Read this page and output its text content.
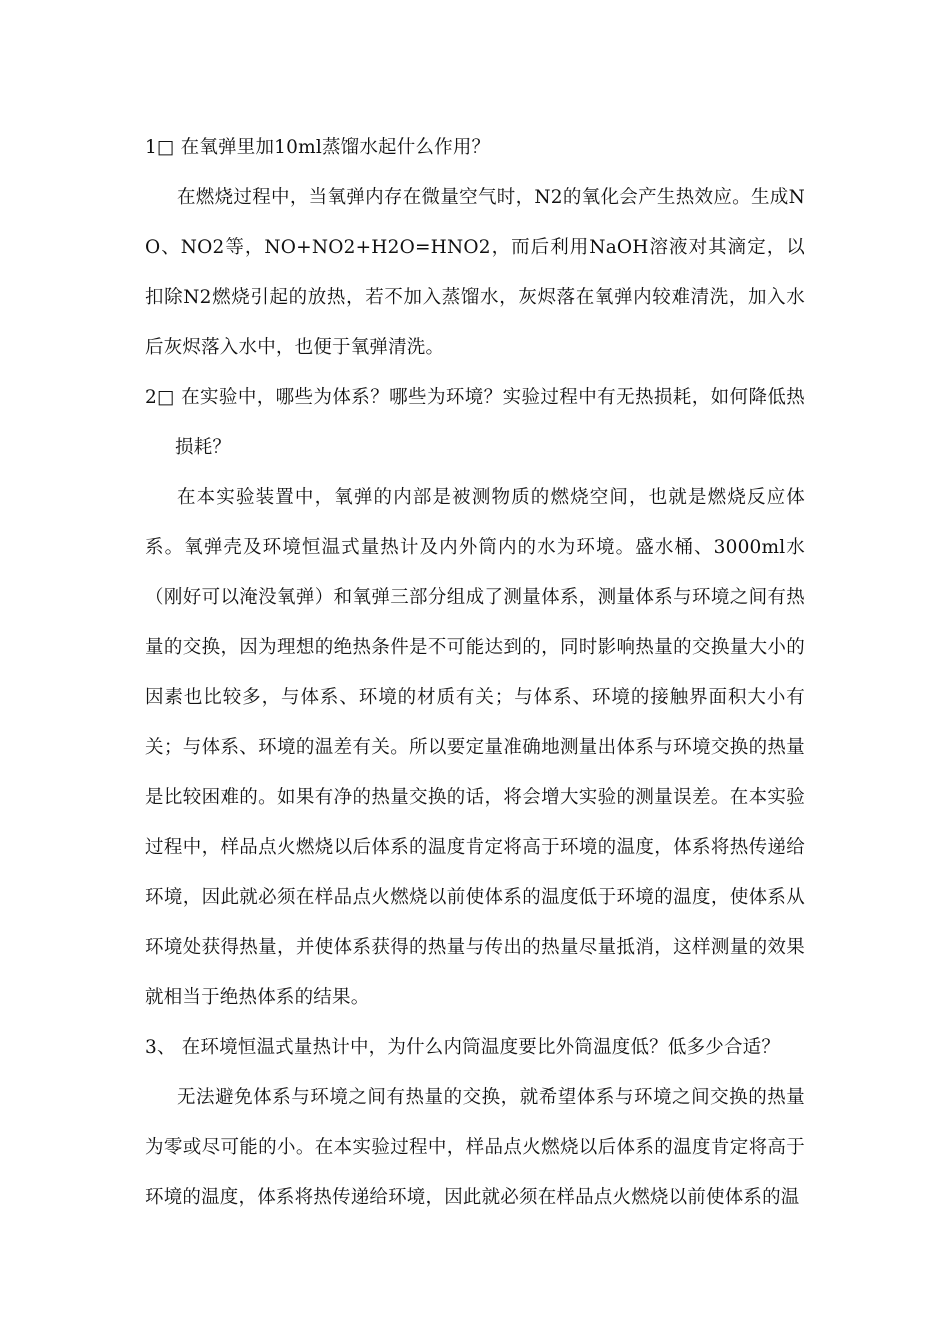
1□ 在氧弹里加10ml蒸馏水起什么作用？

在燃烧过程中，当氧弹内存在微量空气时，N2的氧化会产生热效应。生成NO、NO2等，NO+NO2+H2O=HNO2，而后利用NaOH溶液对其滴定，以扣除N2燃烧引起的放热，若不加入蒸馏水，灰烬落在氧弹内较难清洗，加入水后灰烬落入水中，也便于氧弹清洗。

2□ 在实验中，哪些为体系？哪些为环境？实验过程中有无热损耗，如何降低热损耗？

在本实验装置中，氧弹的内部是被测物质的燃烧空间，也就是燃烧反应体系。氧弹壳及环境恒温式量热计及内外筒内的水为环境。盛水桶、3000ml水（刚好可以淹没氧弹）和氧弹三部分组成了测量体系，测量体系与环境之间有热量的交换，因为理想的绝热条件是不可能达到的，同时影响热量的交换量大小的因素也比较多，与体系、环境的材质有关；与体系、环境的接触界面积大小有关；与体系、环境的温差有关。所以要定量准确地测量出体系与环境交换的热量是比较困难的。如果有净的热量交换的话，将会增大实验的测量误差。在本实验过程中，样品点火燃烧以后体系的温度肯定将高于环境的温度，体系将热传递给环境，因此就必须在样品点火燃烧以前使体系的温度低于环境的温度，使体系从环境处获得热量，并使体系获得的热量与传出的热量尽量抵消，这样测量的效果就相当于绝热体系的结果。

3、 在环境恒温式量热计中，为什么内筒温度要比外筒温度低？低多少合适？

无法避免体系与环境之间有热量的交换，就希望体系与环境之间交换的热量为零或尽可能的小。在本实验过程中，样品点火燃烧以后体系的温度肯定将高于环境的温度，体系将热传递给环境，因此就必须在样品点火燃烧以前使体系的温
